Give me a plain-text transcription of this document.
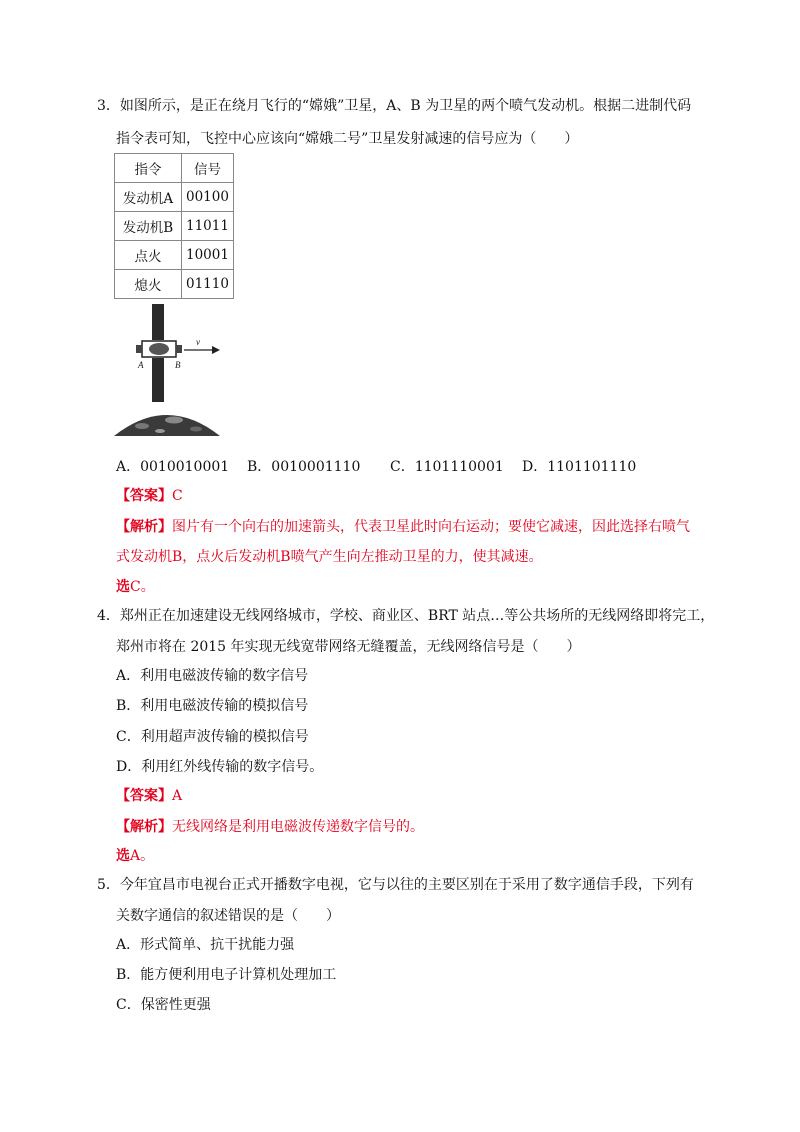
3．如图所示，是正在绕月飞行的“嫦娥”卫星，A、B 为卫星的两个喷气发动机。根据二进制代码
指令表可知，飞控中心应该向“嫦娥二号”卫星发射减速的信号应为（　　）
指令	信号
发动机A	00100
发动机B	11011
点火	10001
熄火	01110
v
A	B
A．0010010001 B．0010001110 C．1101110001 D．1101101110
【答案】C
【解析】图片有一个向右的加速箭头，代表卫星此时向右运动；要使它减速，因此选择右喷气
式发动机B，点火后发动机B喷气产生向左推动卫星的力，使其减速。
选C。
4．郑州正在加速建设无线网络城市，学校、商业区、BRT 站点…等公共场所的无线网络即将完工，
郑州市将在 2015 年实现无线宽带网络无缝覆盖，无线网络信号是（　　）
A．利用电磁波传输的数字信号
B．利用电磁波传输的模拟信号
C．利用超声波传输的模拟信号
D．利用红外线传输的数字信号。
【答案】A
【解析】无线网络是利用电磁波传递数字信号的。
选A。
5．今年宜昌市电视台正式开播数字电视，它与以往的主要区别在于采用了数字通信手段，下列有
关数字通信的叙述错误的是（　　）
A．形式简单、抗干扰能力强
B．能方便利用电子计算机处理加工
C．保密性更强
